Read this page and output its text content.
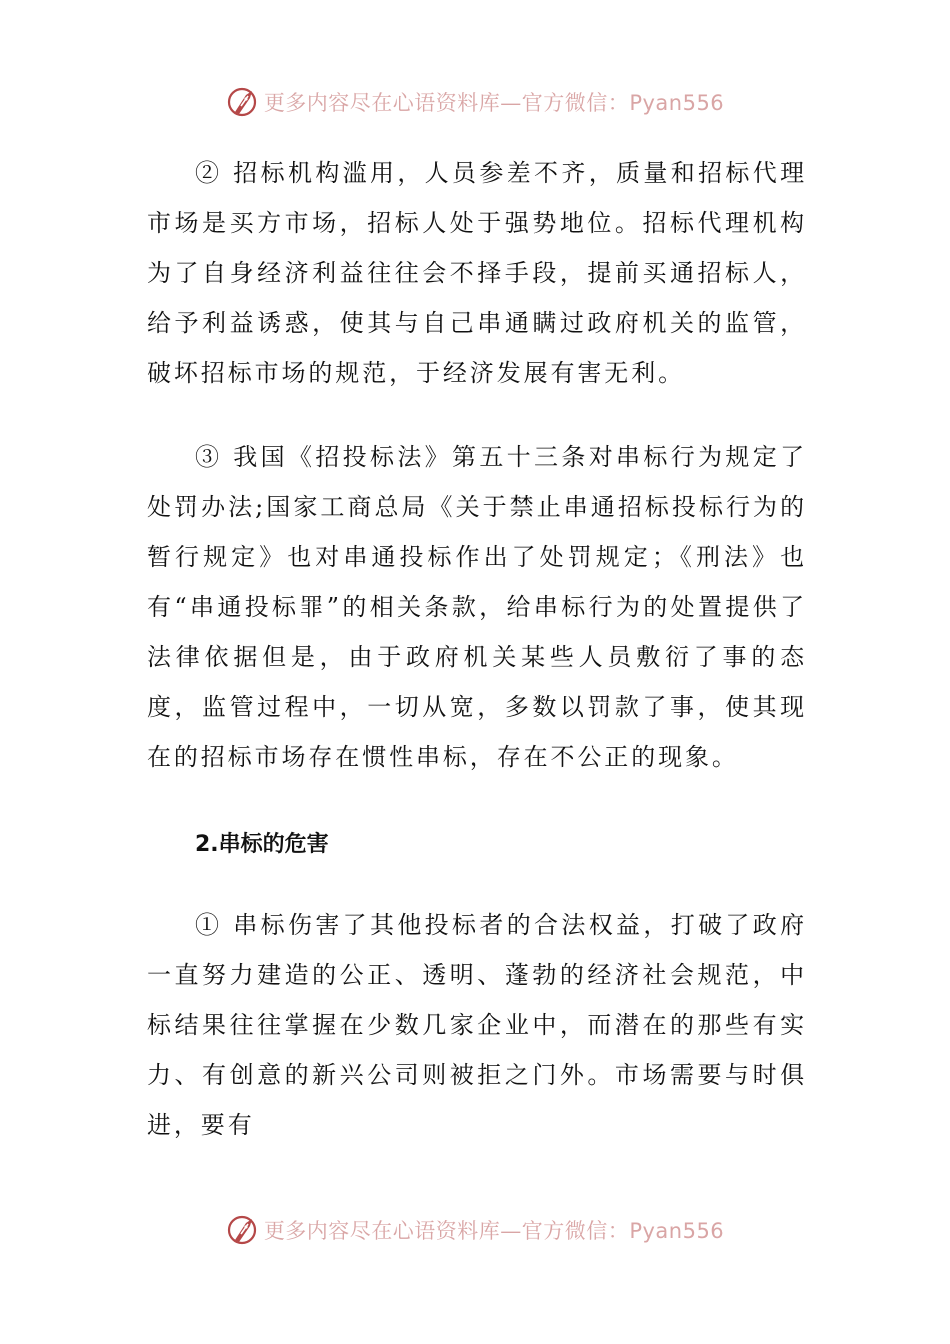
更多内容尽在心语资料库—官方微信：Pyan556

② 招标机构滥用，人员参差不齐，质量和招标代理市场是买方市场，招标人处于强势地位。招标代理机构为了自身经济利益往往会不择手段，提前买通招标人，给予利益诱惑，使其与自己串通瞒过政府机关的监管，破坏招标市场的规范，于经济发展有害无利。

③ 我国《招投标法》第五十三条对串标行为规定了处罚办法;国家工商总局《关于禁止串通招标投标行为的暂行规定》也对串通投标作出了处罚规定；《刑法》也有“串通投标罪”的相关条款，给串标行为的处置提供了法律依据但是，由于政府机关某些人员敷衍了事的态度，监管过程中，一切从宽，多数以罚款了事，使其现在的招标市场存在惯性串标，存在不公正的现象。

2.串标的危害

① 串标伤害了其他投标者的合法权益，打破了政府一直努力建造的公正、透明、蓬勃的经济社会规范，中标结果往往掌握在少数几家企业中，而潜在的那些有实力、有创意的新兴公司则被拒之门外。市场需要与时俱进，要有

更多内容尽在心语资料库—官方微信：Pyan556
